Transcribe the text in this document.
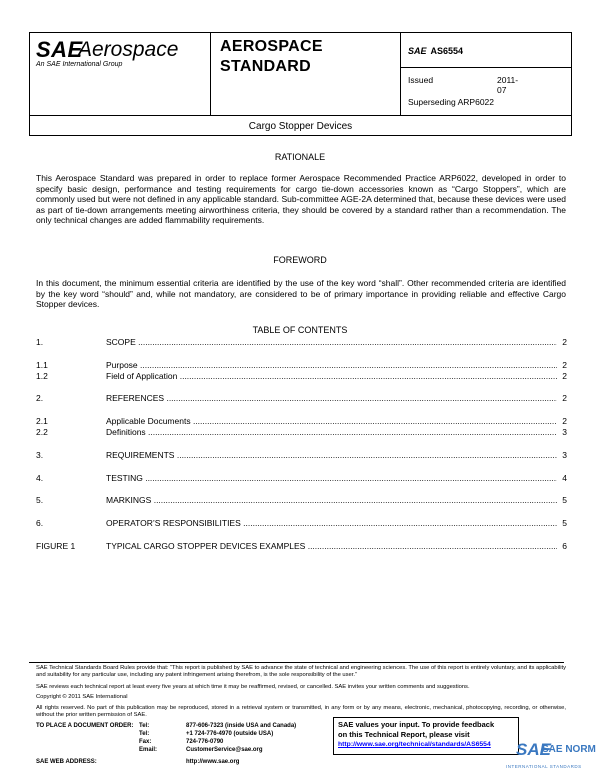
SAE
Aerospace
An SAE International Group
AEROSPACE
STANDARD
SAE AS6554
Issued	2011-07
Superseding ARP6022
Cargo Stopper Devices
RATIONALE
This Aerospace Standard was prepared in order to replace former Aerospace Recommended Practice ARP6022, developed in order to specify basic design, performance and testing requirements for cargo tie-down accessories known as “Cargo Stoppers”, which are commonly used but were not defined in any applicable standard. Sub-committee AGE-2A determined that, because these devices were used as part of tie-down arrangements meeting airworthiness criteria, they should be covered by a standard rather than a recommendation. The only technical changes are added flammability requirements.
FOREWORD
In this document, the minimum essential criteria are identified by the use of the key word “shall”. Other recommended criteria are identified by the key word “should” and, while not mandatory, are considered to be of primary importance in providing reliable and effective Cargo Stopper devices.
TABLE OF CONTENTS
1.	SCOPE .....	2
1.1	Purpose .....	2
1.2	Field of Application .....	2
2.	REFERENCES .....	2
2.1	Applicable Documents .....	2
2.2	Definitions .....	3
3.	REQUIREMENTS .....	3
4.	TESTING .....	4
5.	MARKINGS .....	5
6.	OPERATOR’S RESPONSIBILITIES .....	5
FIGURE 1	TYPICAL CARGO STOPPER DEVICES EXAMPLES .....	6
SAE Technical Standards Board Rules provide that: “This report is published by SAE to advance the state of technical and engineering sciences. The use of this report is entirely voluntary, and its applicability and suitability for any particular use, including any patent infringement arising therefrom, is the sole responsibility of the user.”
SAE reviews each technical report at least every five years at which time it may be reaffirmed, revised, or cancelled. SAE invites your written comments and suggestions.
Copyright © 2011 SAE International
All rights reserved. No part of this publication may be reproduced, stored in a retrieval system or transmitted, in any form or by any means, electronic, mechanical, photocopying, recording, or otherwise, without the prior written permission of SAE.
TO PLACE A DOCUMENT ORDER: Tel:	877-606-7323 (inside USA and Canada)
Tel:	+1 724-776-4970 (outside USA)
Fax:	724-776-0790
Email:	CustomerService@sae.org
SAE WEB ADDRESS:	http://www.sae.org
SAE values your input. To provide feedback
on this Technical Report, please visit
http://www.sae.org/technical/standards/AS6554	SAE
SAE NORM
INTERNATIONAL STANDARDS
